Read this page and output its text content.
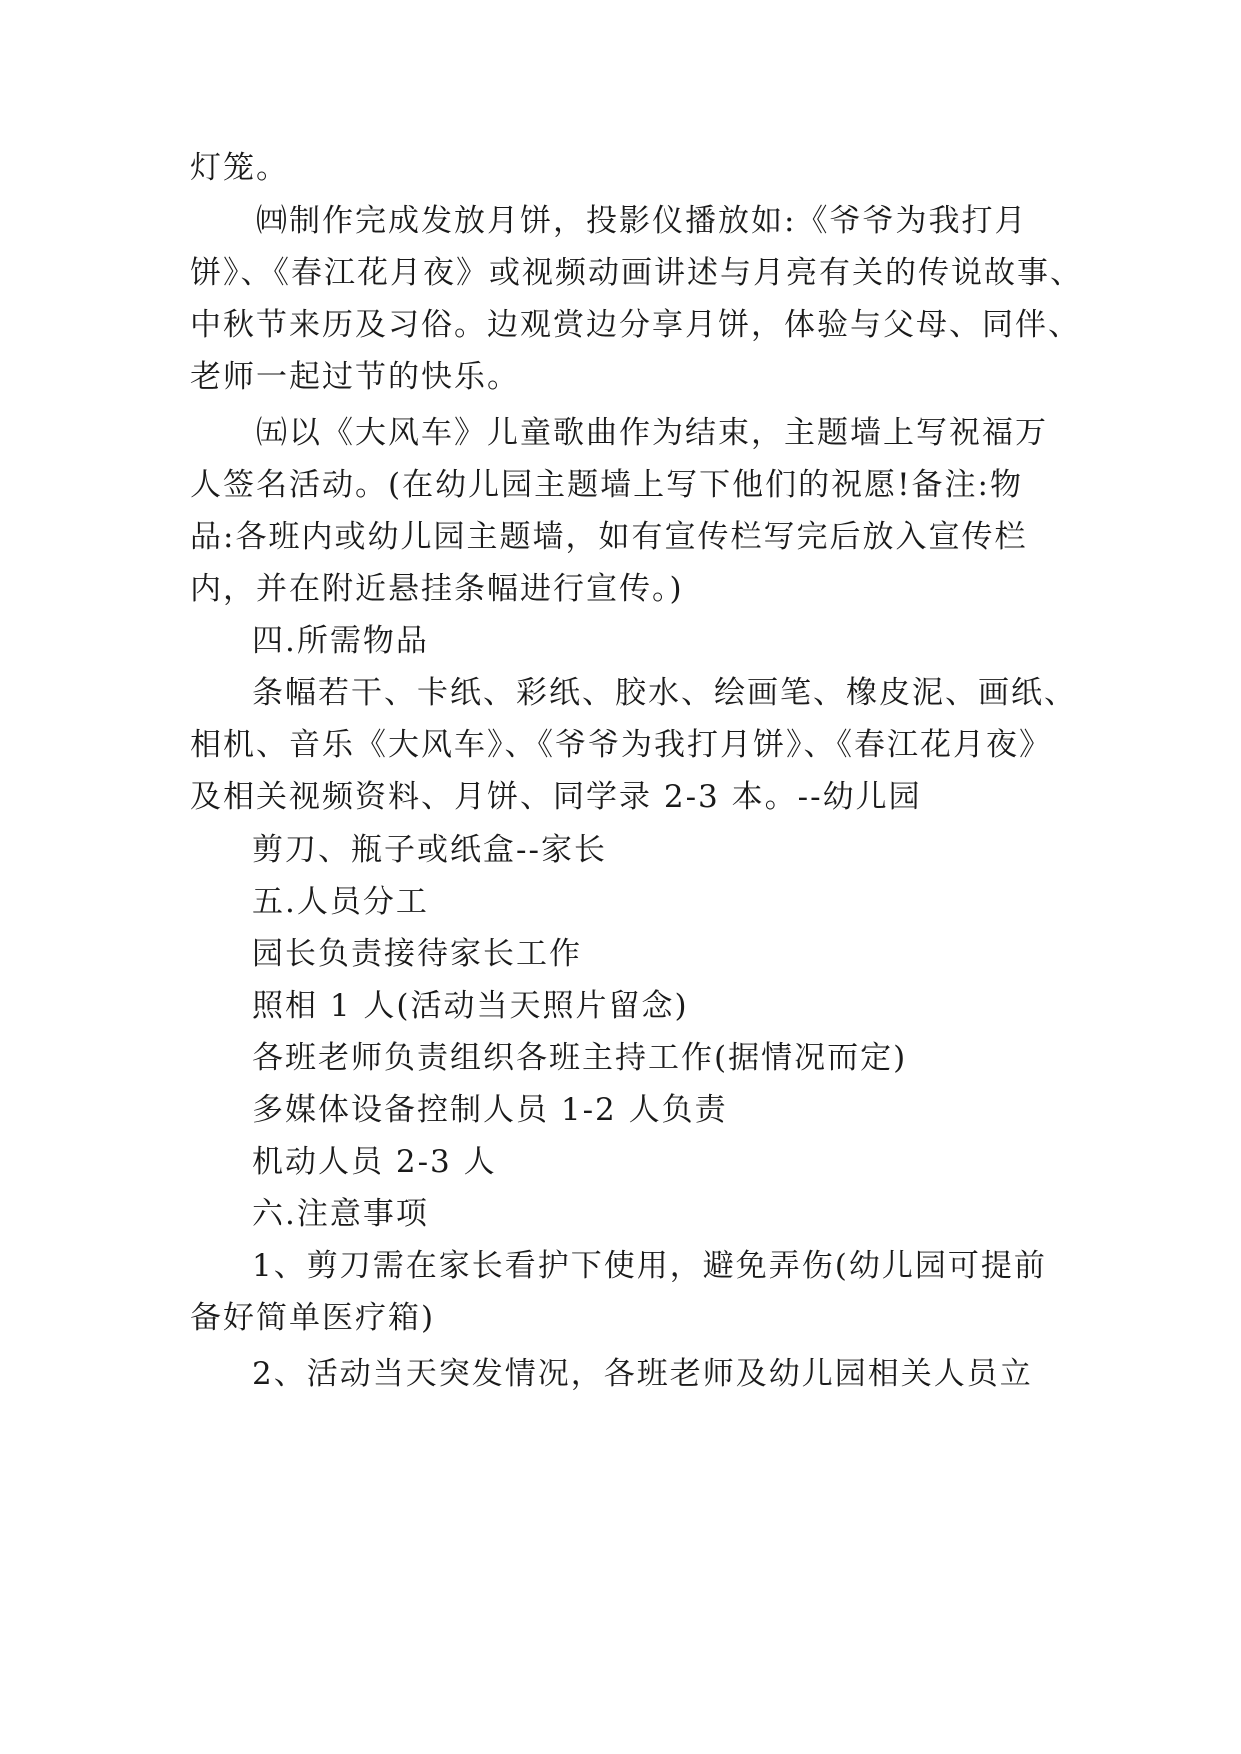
灯笼。
㈣制作完成发放月饼，投影仪播放如:《爷爷为我打月
饼》、《春江花月夜》或视频动画讲述与月亮有关的传说故事、
中秋节来历及习俗。边观赏边分享月饼，体验与父母、同伴、
老师一起过节的快乐。
㈤以《大风车》儿童歌曲作为结束，主题墙上写祝福万
人签名活动。(在幼儿园主题墙上写下他们的祝愿!备注:物
品:各班内或幼儿园主题墙，如有宣传栏写完后放入宣传栏
内，并在附近悬挂条幅进行宣传。)
四.所需物品
条幅若干、卡纸、彩纸、胶水、绘画笔、橡皮泥、画纸、
相机、音乐《大风车》、《爷爷为我打月饼》、《春江花月夜》
及相关视频资料、月饼、同学录 2-3 本。--幼儿园
剪刀、瓶子或纸盒--家长
五.人员分工
园长负责接待家长工作
照相 1 人(活动当天照片留念)
各班老师负责组织各班主持工作(据情况而定)
多媒体设备控制人员 1-2 人负责
机动人员 2-3 人
六.注意事项
1、剪刀需在家长看护下使用，避免弄伤(幼儿园可提前
备好简单医疗箱)
2、活动当天突发情况，各班老师及幼儿园相关人员立
